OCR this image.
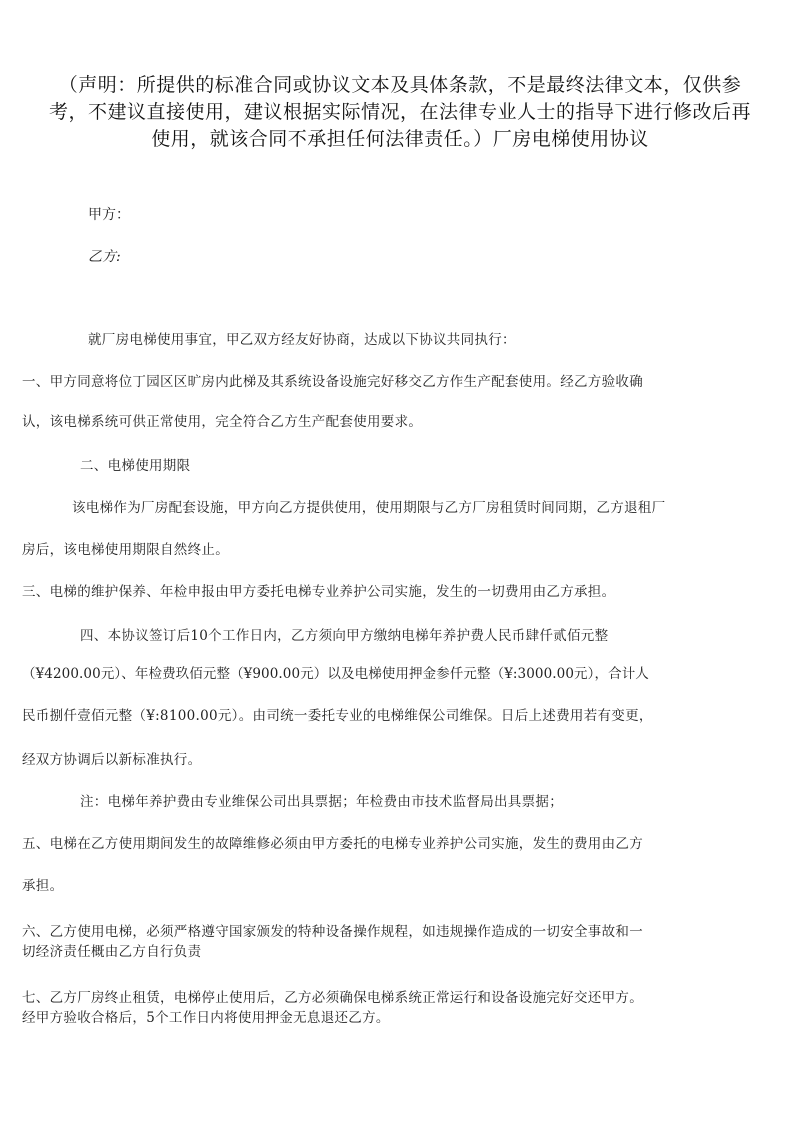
（声明：所提供的标准合同或协议文本及具体条款，不是最终法律文本，仅供参考，不建议直接使用，建议根据实际情况，在法律专业人士的指导下进行修改后再使用，就该合同不承担任何法律责任。）厂房电梯使用协议
甲方：
乙方:
就厂房电梯使用事宜，甲乙双方经友好协商，达成以下协议共同执行：
一、甲方同意将位丁园区区旷房内此梯及其系统设备设施完好移交乙方作生产配套使用。经乙方验收确
认，该电梯系统可供正常使用，完全符合乙方生产配套使用要求。
二、电梯使用期限
该电梯作为厂房配套设施，甲方向乙方提供使用，使用期限与乙方厂房租赁时间同期，乙方退租厂
房后，该电梯使用期限自然终止。
三、电梯的维护保养、年检申报由甲方委托电梯专业养护公司实施，发生的一切费用由乙方承担。
四、本协议签订后10个工作日内，乙方须向甲方缴纳电梯年养护费人民币肆仟贰佰元整
（¥4200.00元）、年检费玖佰元整（¥900.00元）以及电梯使用押金参仟元整（¥:3000.00元），合计人
民币捌仟壹佰元整（¥:8100.00元）。由司统一委托专业的电梯维保公司维保。日后上述费用若有变更，
经双方协调后以新标准执行。
注：电梯年养护费由专业维保公司出具票据；年检费由市技术监督局出具票据；
五、电梯在乙方使用期间发生的故障维修必须由甲方委托的电梯专业养护公司实施，发生的费用由乙方
承担。
六、乙方使用电梯，必须严格遵守国家颁发的特种设备操作规程，如违规操作造成的一切安全事故和一
切经济责任概由乙方自行负责
七、乙方厂房终止租赁，电梯停止使用后，乙方必须确保电梯系统正常运行和设备设施完好交还甲方。
经甲方验收合格后，5个工作日内将使用押金无息退还乙方。
